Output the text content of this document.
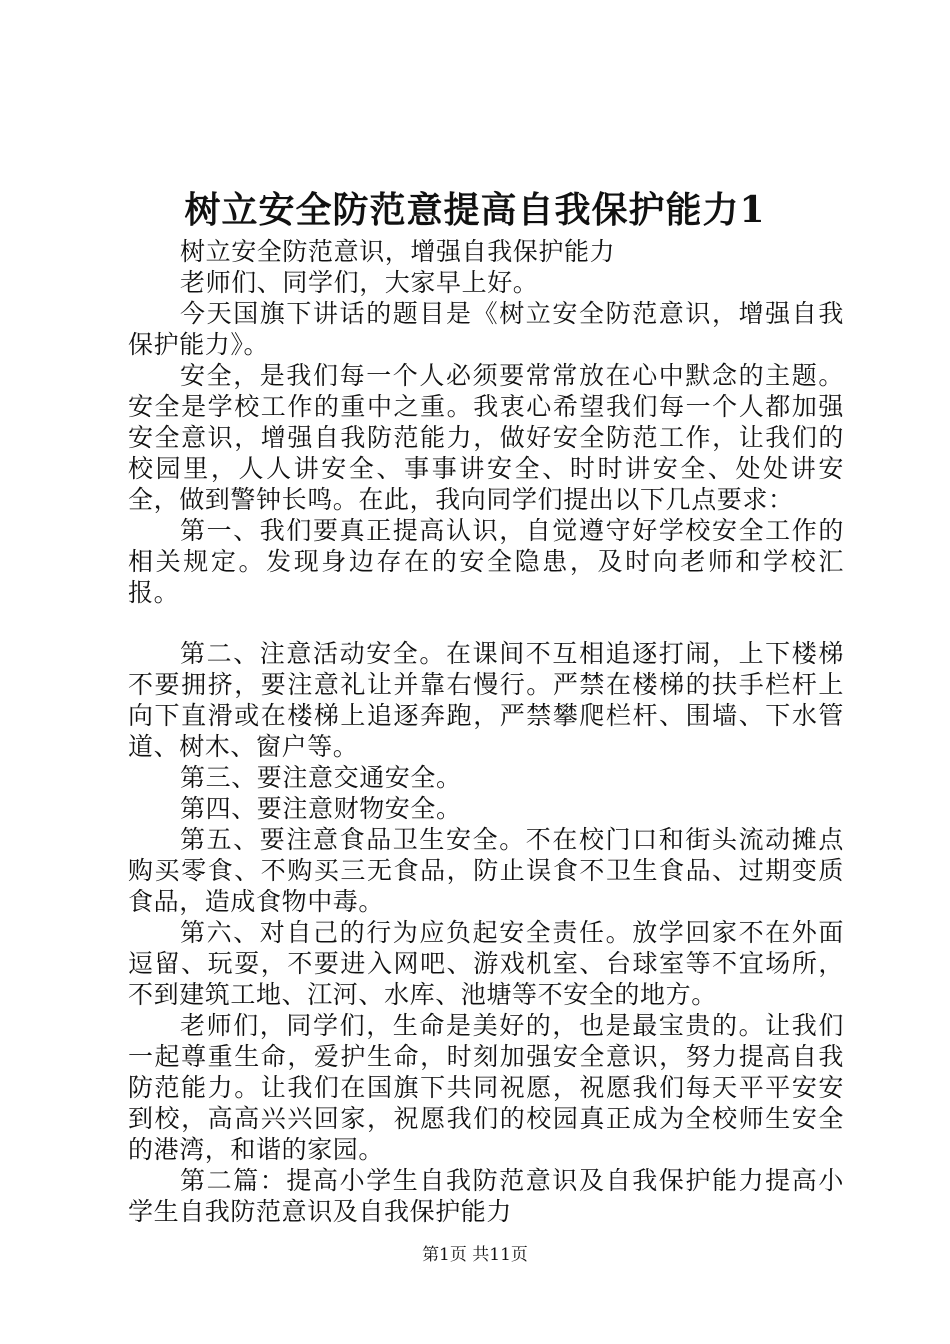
树立安全防范意提高自我保护能力1

树立安全防范意识，增强自我保护能力

老师们、同学们，大家早上好。

今天国旗下讲话的题目是《树立安全防范意识，增强自我保护能力》。

安全，是我们每一个人必须要常常放在心中默念的主题。安全是学校工作的重中之重。我衷心希望我们每一个人都加强安全意识，增强自我防范能力，做好安全防范工作，让我们的校园里，人人讲安全、事事讲安全、时时讲安全、处处讲安全，做到警钟长鸣。在此，我向同学们提出以下几点要求：

第一、我们要真正提高认识，自觉遵守好学校安全工作的相关规定。发现身边存在的安全隐患，及时向老师和学校汇报。

第二、注意活动安全。在课间不互相追逐打闹，上下楼梯不要拥挤，要注意礼让并靠右慢行。严禁在楼梯的扶手栏杆上向下直滑或在楼梯上追逐奔跑，严禁攀爬栏杆、围墙、下水管道、树木、窗户等。

第三、要注意交通安全。

第四、要注意财物安全。

第五、要注意食品卫生安全。不在校门口和街头流动摊点购买零食、不购买三无食品，防止误食不卫生食品、过期变质食品，造成食物中毒。

第六、对自己的行为应负起安全责任。放学回家不在外面逗留、玩耍，不要进入网吧、游戏机室、台球室等不宜场所，不到建筑工地、江河、水库、池塘等不安全的地方。

老师们，同学们，生命是美好的，也是最宝贵的。让我们一起尊重生命，爱护生命，时刻加强安全意识，努力提高自我防范能力。让我们在国旗下共同祝愿，祝愿我们每天平平安安到校，高高兴兴回家，祝愿我们的校园真正成为全校师生安全的港湾，和谐的家园。

第二篇：提高小学生自我防范意识及自我保护能力提高小学生自我防范意识及自我保护能力

第1页 共11页
